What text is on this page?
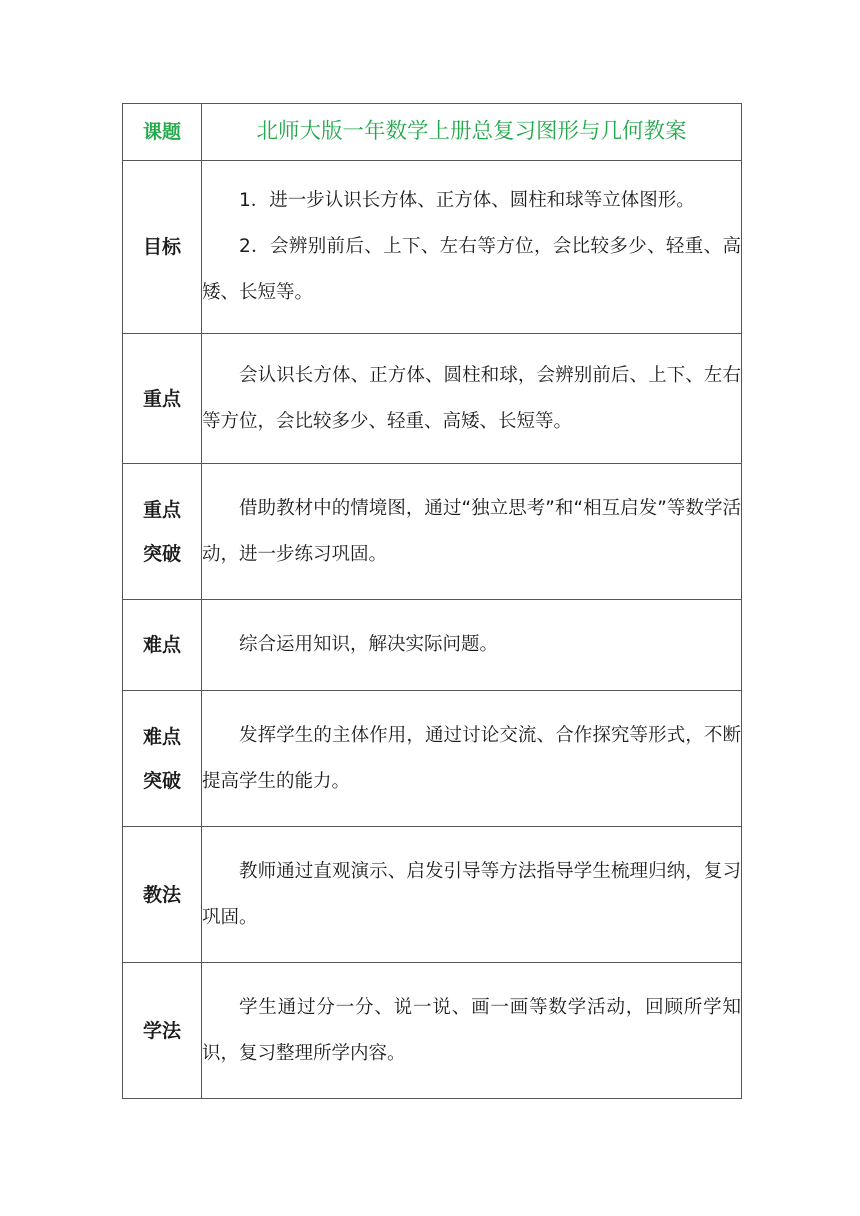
课题	北师大版一年数学上册总复习图形与几何教案

目标	1．进一步认识长方体、正方体、圆柱和球等立体图形。

2．会辨别前后、上下、左右等方位，会比较多少、轻重、高矮、长短等。

重点	会认识长方体、正方体、圆柱和球，会辨别前后、上下、左右等方位，会比较多少、轻重、高矮、长短等。

重点
突破	借助教材中的情境图，通过“独立思考”和“相互启发”等数学活动，进一步练习巩固。

难点	综合运用知识，解决实际问题。

难点
突破	发挥学生的主体作用，通过讨论交流、合作探究等形式，不断提高学生的能力。

教法	教师通过直观演示、启发引导等方法指导学生梳理归纳，复习巩固。

学法	学生通过分一分、说一说、画一画等数学活动，回顾所学知识，复习整理所学内容。
